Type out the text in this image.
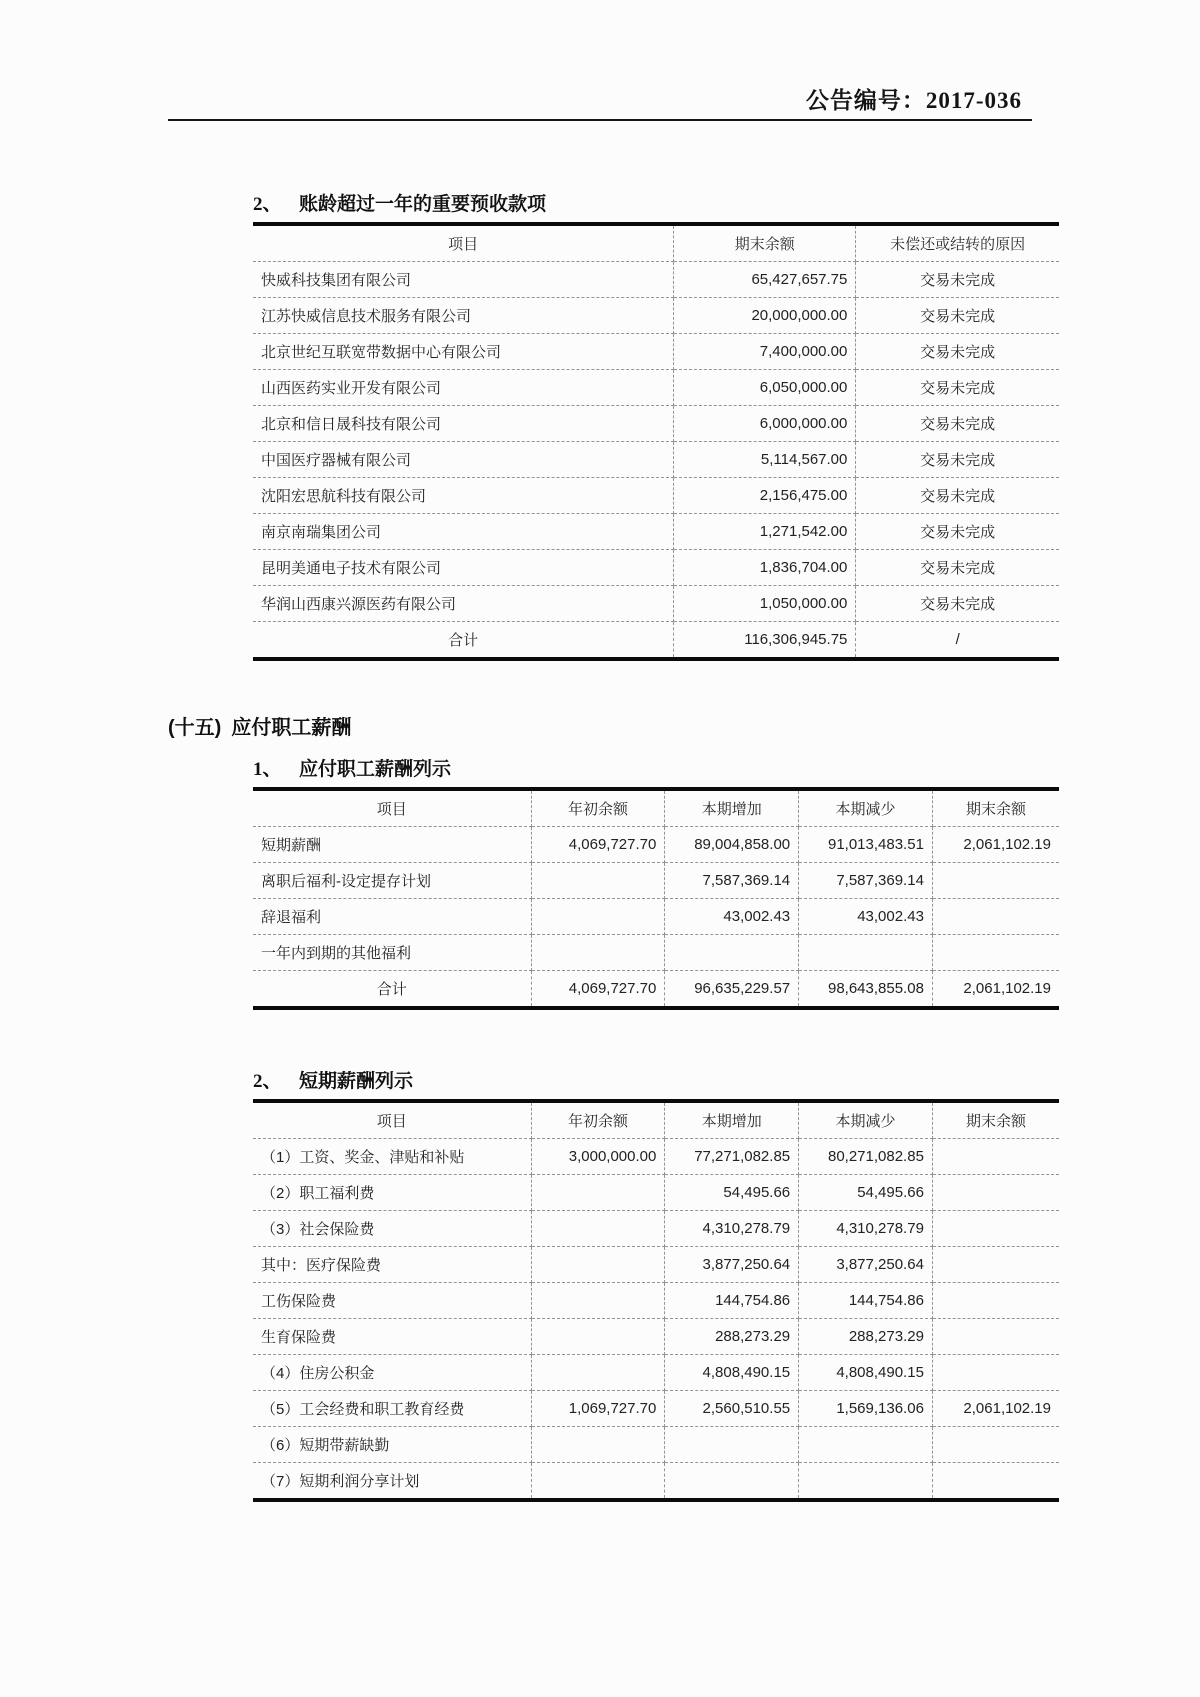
公告编号：2017-036
2、 账龄超过一年的重要预收款项
项目	期末余额	未偿还或结转的原因
快威科技集团有限公司	65,427,657.75	交易未完成
江苏快威信息技术服务有限公司	20,000,000.00	交易未完成
北京世纪互联宽带数据中心有限公司	7,400,000.00	交易未完成
山西医药实业开发有限公司	6,050,000.00	交易未完成
北京和信日晟科技有限公司	6,000,000.00	交易未完成
中国医疗器械有限公司	5,114,567.00	交易未完成
沈阳宏思航科技有限公司	2,156,475.00	交易未完成
南京南瑞集团公司	1,271,542.00	交易未完成
昆明美通电子技术有限公司	1,836,704.00	交易未完成
华润山西康兴源医药有限公司	1,050,000.00	交易未完成
合计	116,306,945.75	/
(十五) 应付职工薪酬
1、 应付职工薪酬列示
项目	年初余额	本期增加	本期减少	期末余额
短期薪酬	4,069,727.70	89,004,858.00	91,013,483.51	2,061,102.19
离职后福利-设定提存计划		7,587,369.14	7,587,369.14	
辞退福利		43,002.43	43,002.43	
一年内到期的其他福利				
合计	4,069,727.70	96,635,229.57	98,643,855.08	2,061,102.19
2、 短期薪酬列示
项目	年初余额	本期增加	本期减少	期末余额
（1）工资、奖金、津贴和补贴	3,000,000.00	77,271,082.85	80,271,082.85	
（2）职工福利费		54,495.66	54,495.66	
（3）社会保险费		4,310,278.79	4,310,278.79	
其中：医疗保险费		3,877,250.64	3,877,250.64	
工伤保险费		144,754.86	144,754.86	
生育保险费		288,273.29	288,273.29	
（4）住房公积金		4,808,490.15	4,808,490.15	
（5）工会经费和职工教育经费	1,069,727.70	2,560,510.55	1,569,136.06	2,061,102.19
（6）短期带薪缺勤				
（7）短期利润分享计划				
